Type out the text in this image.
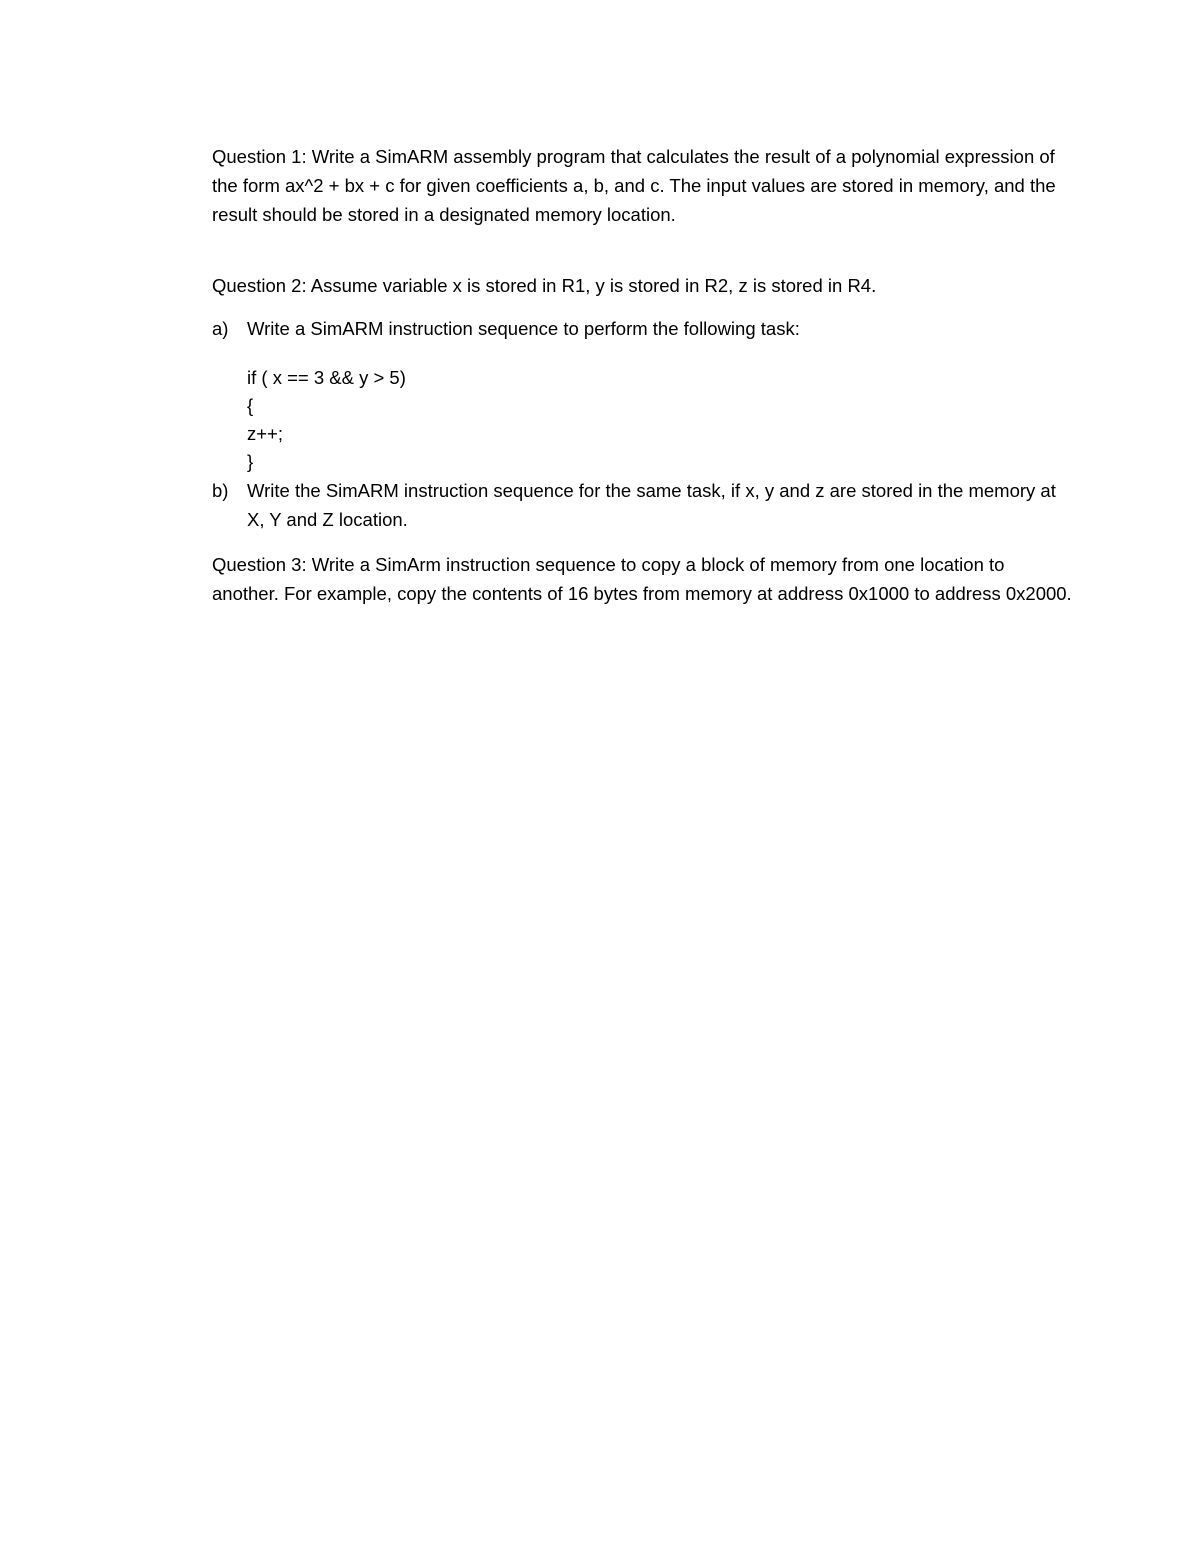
Question 1: Write a SimARM assembly program that calculates the result of a polynomial expression of the form ax^2 + bx + c for given coefficients a, b, and c. The input values are stored in memory, and the result should be stored in a designated memory location.

Question 2: Assume variable x is stored in R1, y is stored in R2, z is stored in R4.

a) Write a SimARM instruction sequence to perform the following task:
if ( x == 3 && y > 5)
{
z++;
}
b) Write the SimARM instruction sequence for the same task, if x, y and z are stored in the memory at X, Y and Z location.

Question 3: Write a SimArm instruction sequence to copy a block of memory from one location to another. For example, copy the contents of 16 bytes from memory at address 0x1000 to address 0x2000.
